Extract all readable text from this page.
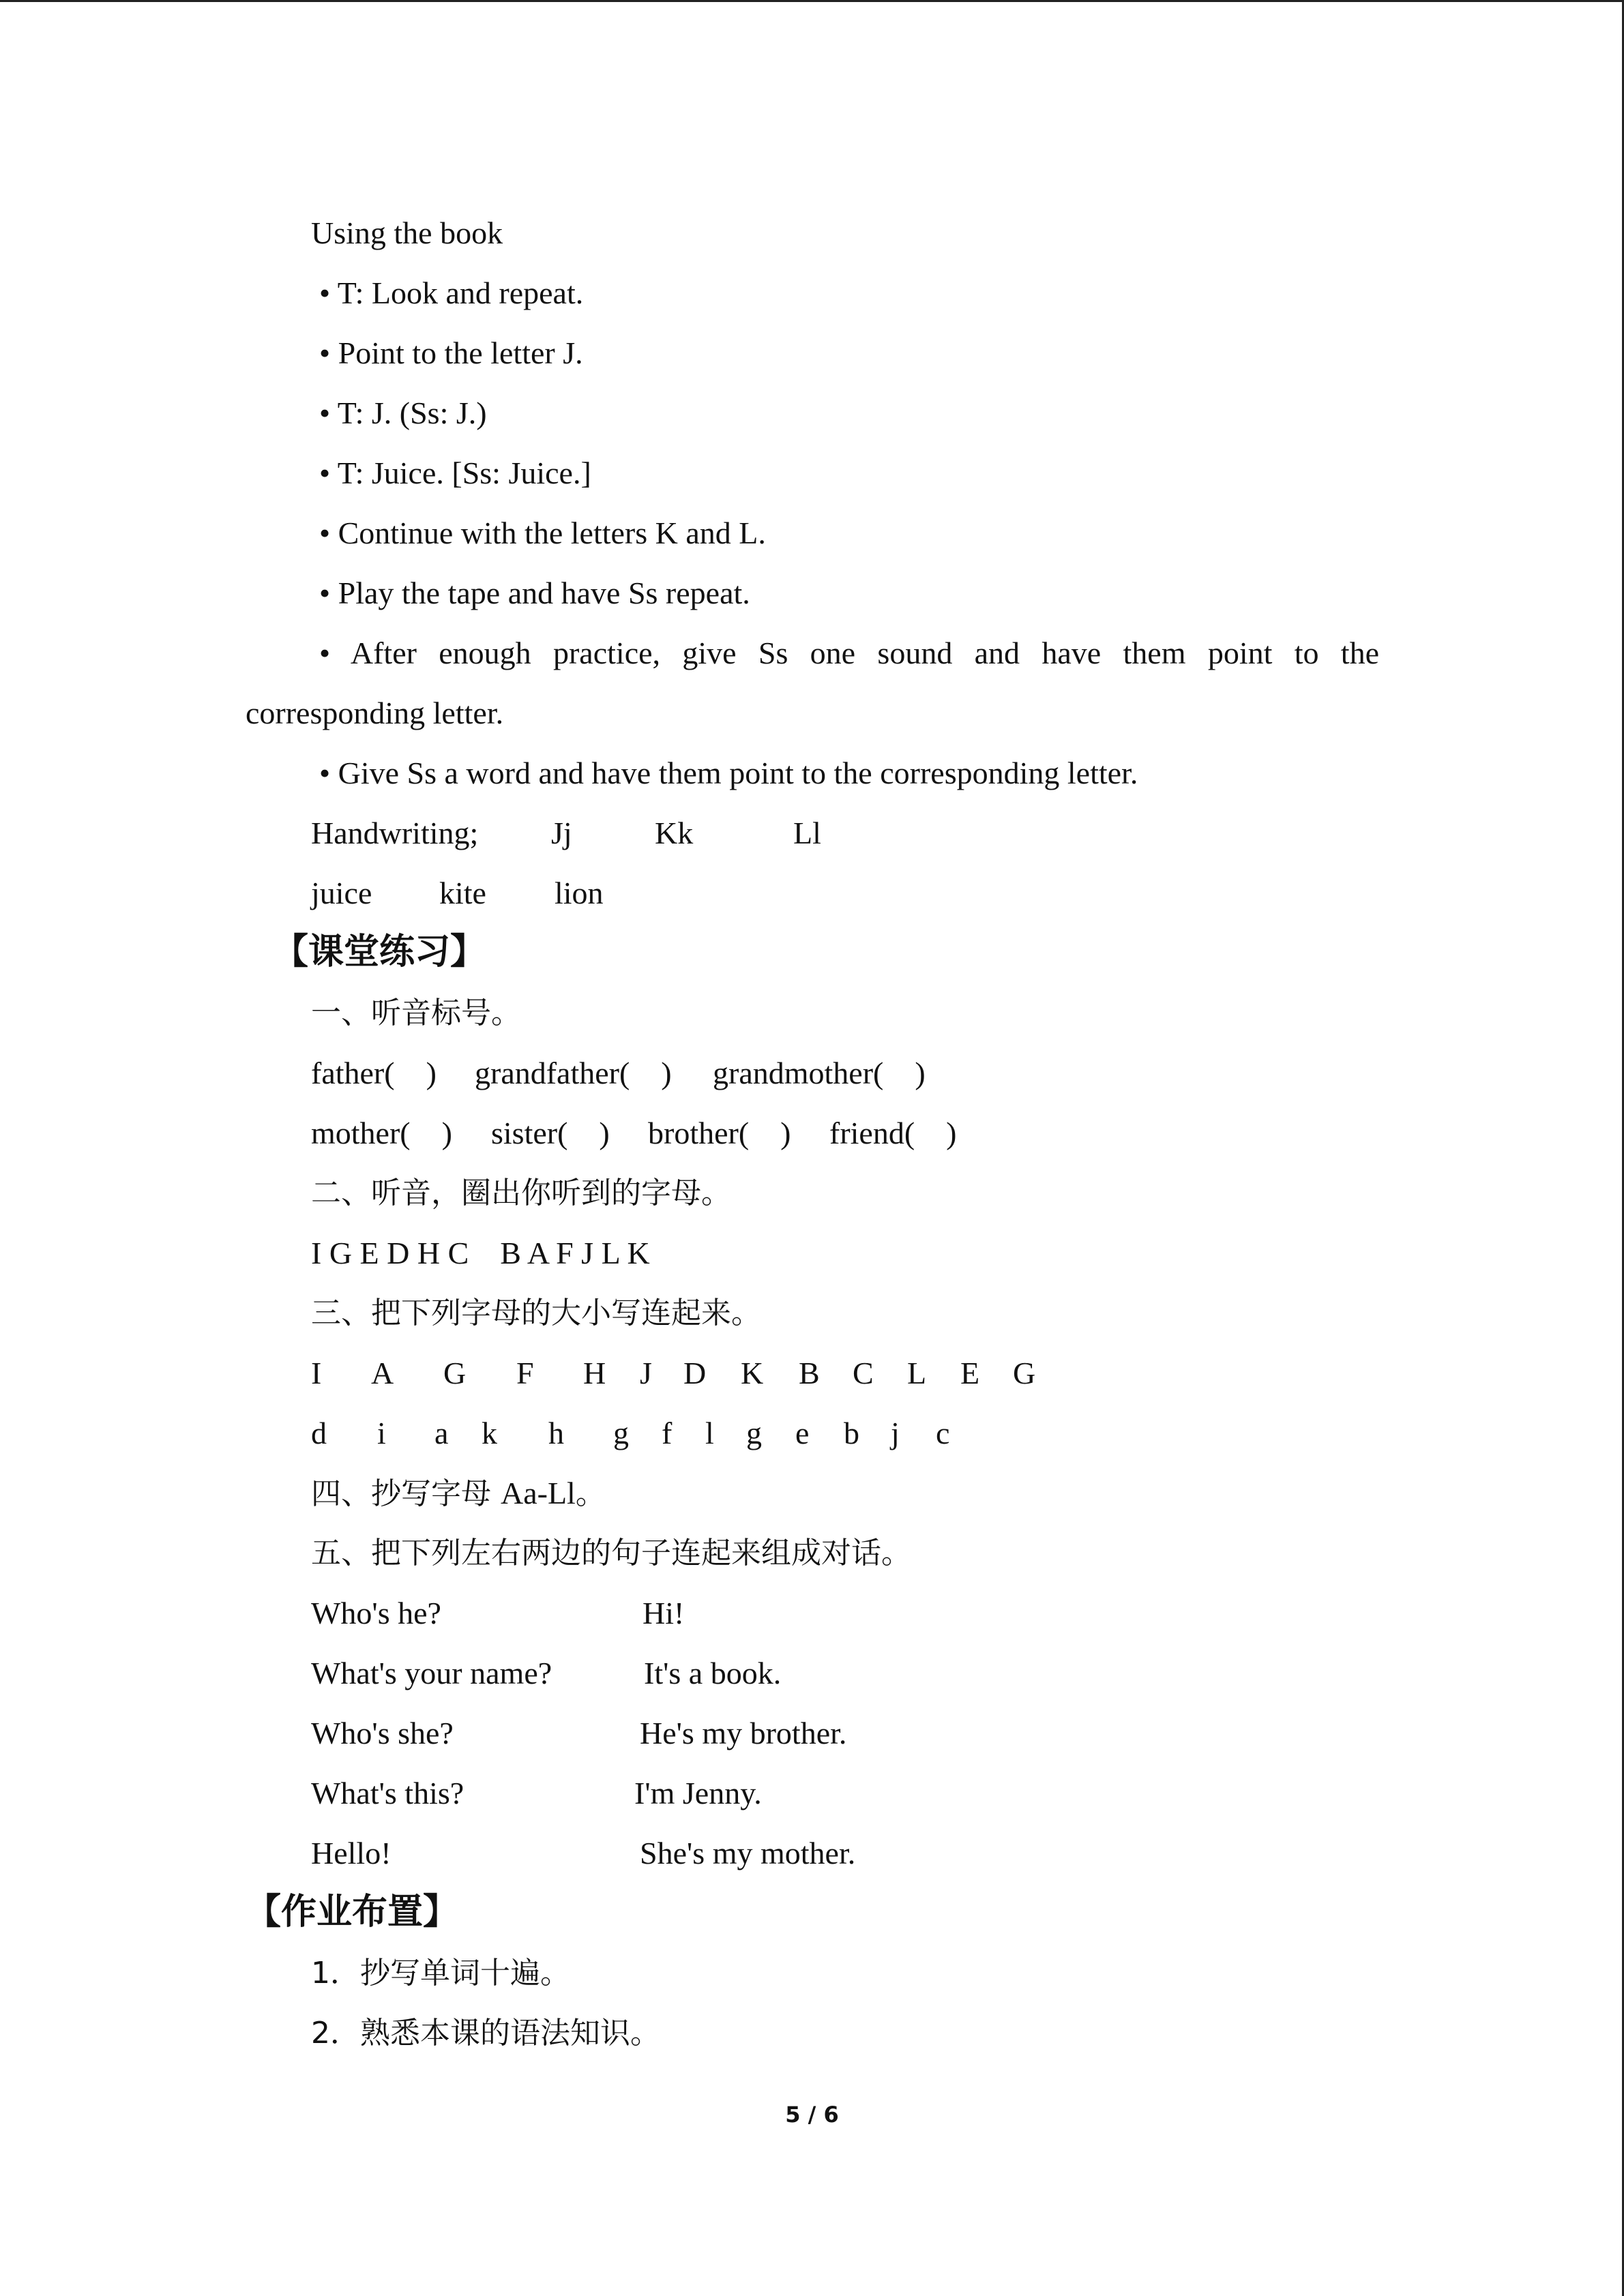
Using the book
• T: Look and repeat.
• Point to the letter J.
• T: J. (Ss: J.)
• T: Juice. [Ss: Juice.]
• Continue with the letters K and L.
• Play the tape and have Ss repeat.
• After enough practice, give Ss one sound and have them point to the
corresponding letter.
• Give Ss a word and have them point to the corresponding letter.
Handwriting; Jj	Kk	Ll
juice kite lion
【课堂练习】
一、听音标号。
father(　) grandfather(　) grandmother(　)
mother(　) sister(　) brother(　) friend(　)
二、听音，圈出你听到的字母。
I G E D H C    B A F J L K
三、把下列字母的大小写连起来。
I A G F H J D K B C L E G
d i a k h g f l g e b j c
四、抄写字母 Aa-Ll。
五、把下列左右两边的句子连起来组成对话。
Who's he?	Hi!
What's your name?	It's a book.
Who's she?	He's my brother.
What's this?	I'm Jenny.
Hello!	She's my mother.
【作业布置】
1．抄写单词十遍。
2．熟悉本课的语法知识。
5 / 6
